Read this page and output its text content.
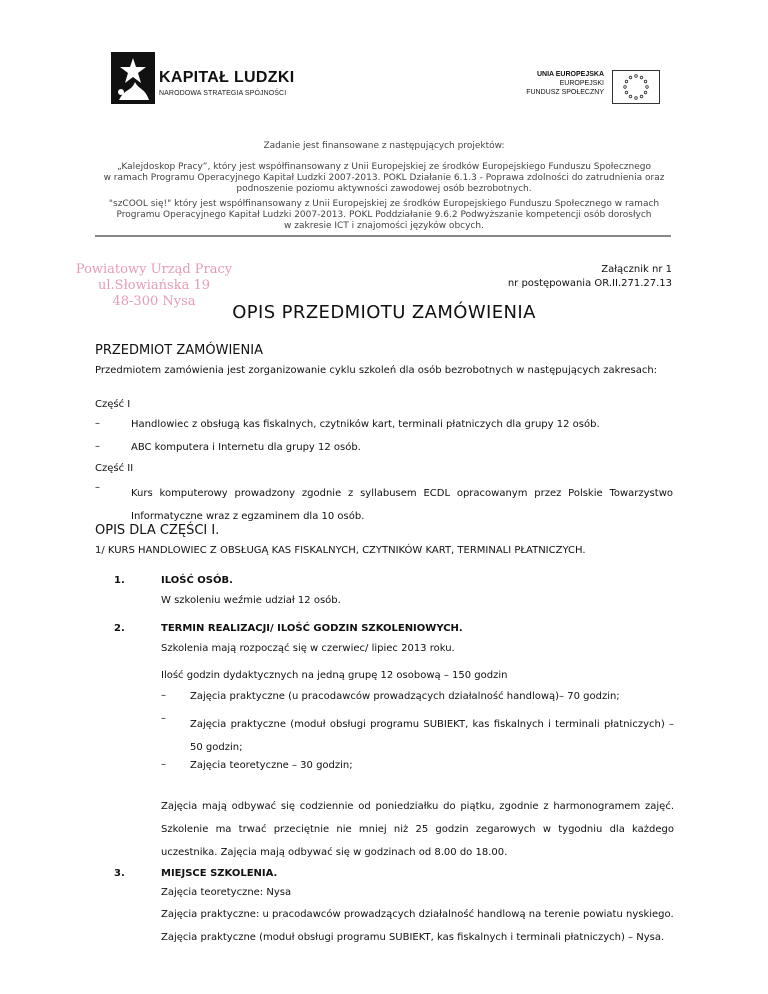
KAPITAŁ LUDZKI
NARODOWA STRATEGIA SPÓJNOŚCI
UNIA EUROPEJSKA
EUROPEJSKI
FUNDUSZ SPOŁECZNY
Zadanie jest finansowane z następujących projektów:
„Kalejdoskop Pracy”, który jest współfinansowany z Unii Europejskiej ze środków Europejskiego Funduszu Społecznego
w ramach Programu Operacyjnego Kapitał Ludzki 2007-2013. POKL Działanie 6.1.3 - Poprawa zdolności do zatrudnienia oraz
podnoszenie poziomu aktywności zawodowej osób bezrobotnych.
"szCOOL się!" który jest współfinansowany z Unii Europejskiej ze środków Europejskiego Funduszu Społecznego w ramach
Programu Operacyjnego Kapitał Ludzki 2007-2013. POKL Poddziałanie 9.6.2 Podwyższanie kompetencji osób dorosłych
w zakresie ICT i znajomości języków obcych.
Powiatowy Urząd Pracy
ul.Słowiańska 19
48-300 Nysa
Załącznik nr 1
nr postępowania OR.II.271.27.13
OPIS PRZEDMIOTU ZAMÓWIENIA
PRZEDMIOT ZAMÓWIENIA
Przedmiotem zamówienia jest zorganizowanie cyklu szkoleń dla osób bezrobotnych w następujących zakresach:
Część I
–	Handlowiec z obsługą kas fiskalnych, czytników kart, terminali płatniczych dla grupy 12 osób.
–	ABC komputera i Internetu dla grupy 12 osób.
Część II
–
Kurs komputerowy prowadzony zgodnie z syllabusem ECDL opracowanym przez Polskie Towarzystwo Informatyczne wraz z egzaminem dla 10 osób.
OPIS DLA CZĘŚCI I.
1/ KURS HANDLOWIEC Z OBSŁUGĄ KAS FISKALNYCH, CZYTNIKÓW KART, TERMINALI PŁATNICZYCH.
1.	ILOŚĆ OSÓB.
W szkoleniu weźmie udział 12 osób.
2.	TERMIN REALIZACJI/ ILOŚĆ GODZIN SZKOLENIOWYCH.
Szkolenia mają rozpocząć się w czerwiec/ lipiec 2013 roku.
Ilość godzin dydaktycznych na jedną grupę 12 osobową – 150 godzin
– Zajęcia praktyczne (u pracodawców prowadzących działalność handlową)– 70 godzin;
–
Zajęcia praktyczne (moduł obsługi programu SUBIEKT, kas fiskalnych i terminali płatniczych) – 50 godzin;
– Zajęcia teoretyczne – 30 godzin;
Zajęcia mają odbywać się codziennie od poniedziałku do piątku, zgodnie z harmonogramem zajęć. Szkolenie ma trwać przeciętnie nie mniej niż 25 godzin zegarowych w tygodniu dla każdego uczestnika. Zajęcia mają odbywać się w godzinach od 8.00 do 18.00.
3.	MIEJSCE SZKOLENIA.
Zajęcia teoretyczne: Nysa
Zajęcia praktyczne: u pracodawców prowadzących działalność handlową na terenie powiatu nyskiego.
Zajęcia praktyczne (moduł obsługi programu SUBIEKT, kas fiskalnych i terminali płatniczych) – Nysa.
